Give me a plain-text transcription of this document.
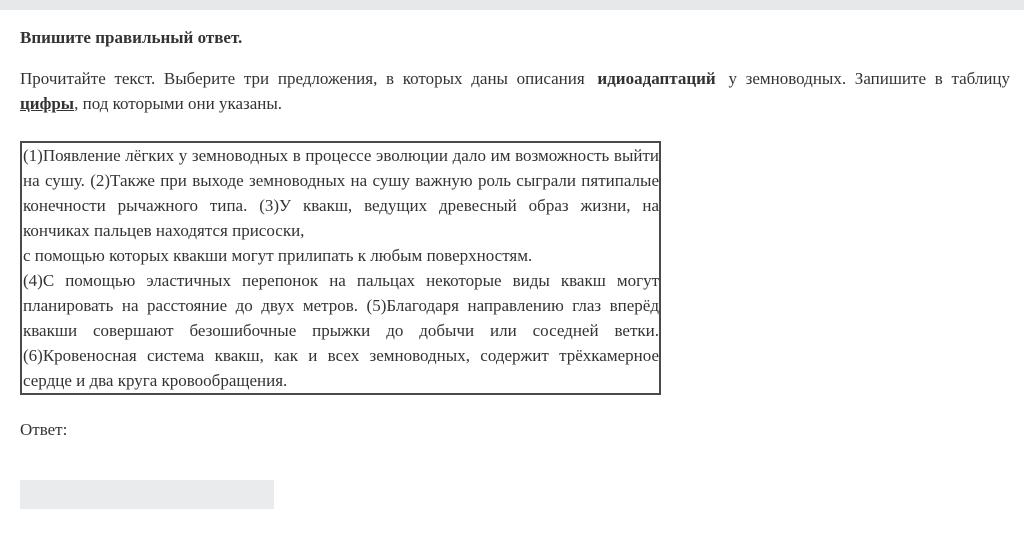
Впишите правильный ответ.

Прочитайте текст. Выберите три предложения, в которых даны описания идиоадаптаций у земноводных. Запишите в таблицу цифры, под которыми они указаны.

(1)Появление лёгких у земноводных в процессе эволюции дало им возможность выйти на сушу. (2)Также при выходе земноводных на сушу важную роль сыграли пятипалые конечности рычажного типа. (3)У квакш, ведущих древесный образ жизни, на кончиках пальцев находятся присоски,

с помощью которых квакши могут прилипать к любым поверхностям.

(4)С помощью эластичных перепонок на пальцах некоторые виды квакш могут планировать на расстояние до двух метров. (5)Благодаря направлению глаз вперёд квакши совершают безошибочные прыжки до добычи или соседней ветки. (6)Кровеносная система квакш, как и всех земноводных, содержит трёхкамерное сердце и два круга кровообращения.

Ответ:
